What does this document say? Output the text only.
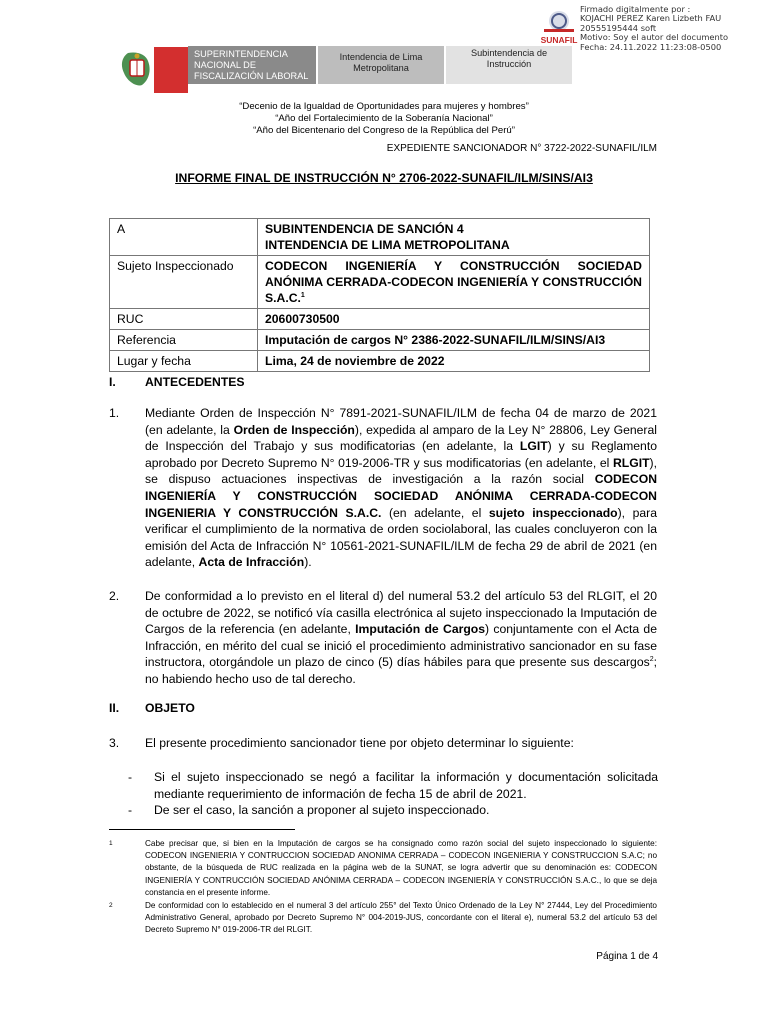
SUNAFIL
Firmado digitalmente por :
KOJACHI PEREZ Karen Lizbeth FAU
20555195444 soft
Motivo: Soy el autor del documento
Fecha: 24.11.2022 11:23:08-0500
SUPERINTENDENCIA NACIONAL DE FISCALIZACIÓN LABORAL
Intendencia de Lima Metropolitana
Subintendencia de Instrucción
“Decenio de la Igualdad de Oportunidades para mujeres y hombres”
“Año del Fortalecimiento de la Soberanía Nacional”
“Año del Bicentenario del Congreso de la República del Perú”
EXPEDIENTE SANCIONADOR N° 3722-2022-SUNAFIL/ILM
INFORME FINAL DE INSTRUCCIÓN N° 2706-2022-SUNAFIL/ILM/SINS/AI3
A	SUBINTENDENCIA DE SANCIÓN 4
INTENDENCIA DE LIMA METROPOLITANA

Sujeto Inspeccionado	CODECON INGENIERÍA Y CONSTRUCCIÓN SOCIEDAD ANÓNIMA CERRADA-CODECON INGENIERÍA Y CONSTRUCCIÓN S.A.C.$^1$
RUC	20600730500
Referencia	Imputación de cargos N° 2386-2022-SUNAFIL/ILM/SINS/AI3
Lugar y fecha	Lima, 24 de noviembre de 2022
I. ANTECEDENTES
1. Mediante Orden de Inspección N° 7891-2021-SUNAFIL/ILM de fecha 04 de marzo de 2021 (en adelante, la Orden de Inspección), expedida al amparo de la Ley N° 28806, Ley General de Inspección del Trabajo y sus modificatorias (en adelante, la LGIT) y su Reglamento aprobado por Decreto Supremo N° 019-2006-TR y sus modificatorias (en adelante, el RLGIT), se dispuso actuaciones inspectivas de investigación a la razón social CODECON INGENIERÍA Y CONSTRUCCIÓN SOCIEDAD ANÓNIMA CERRADA-CODECON INGENIERIA Y CONSTRUCCIÓN S.A.C. (en adelante, el sujeto inspeccionado), para verificar el cumplimiento de la normativa de orden sociolaboral, las cuales concluyeron con la emisión del Acta de Infracción N° 10561-2021-SUNAFIL/ILM de fecha 29 de abril de 2021 (en adelante, Acta de Infracción).
2. De conformidad a lo previsto en el literal d) del numeral 53.2 del artículo 53 del RLGIT, el 20 de octubre de 2022, se notificó vía casilla electrónica al sujeto inspeccionado la Imputación de Cargos de la referencia (en adelante, Imputación de Cargos) conjuntamente con el Acta de Infracción, en mérito del cual se inició el procedimiento administrativo sancionador en su fase instructora, otorgándole un plazo de cinco (5) días hábiles para que presente sus descargos$^2$; no habiendo hecho uso de tal derecho.
II. OBJETO
3. El presente procedimiento sancionador tiene por objeto determinar lo siguiente:
- Si el sujeto inspeccionado se negó a facilitar la información y documentación solicitada mediante requerimiento de información de fecha 15 de abril de 2021.
- De ser el caso, la sanción a proponer al sujeto inspeccionado.
1	Cabe precisar que, si bien en la Imputación de cargos se ha consignado como razón social del sujeto inspeccionado lo siguiente: CODECON INGENIERIA Y CONTRUCCION SOCIEDAD ANONIMA CERRADA – CODECON INGENIERIA Y CONSTRUCCION S.A.C; no obstante, de la búsqueda de RUC realizada en la página web de la SUNAT, se logra advertir que su denominación es: CODECON INGENIERÍA Y CONTRUCCIÓN SOCIEDAD ANÓNIMA CERRADA – CODECON INGENIERÍA Y CONSTRUCCIÓN S.A.C., lo que se deja constancia en el presente informe.
2	De conformidad con lo establecido en el numeral 3 del artículo 255° del Texto Único Ordenado de la Ley N° 27444, Ley del Procedimiento Administrativo General, aprobado por Decreto Supremo N° 004-2019-JUS, concordante con el literal e), numeral 53.2 del artículo 53 del Decreto Supremo N° 019-2006-TR del RLGIT.
Página 1 de 4
